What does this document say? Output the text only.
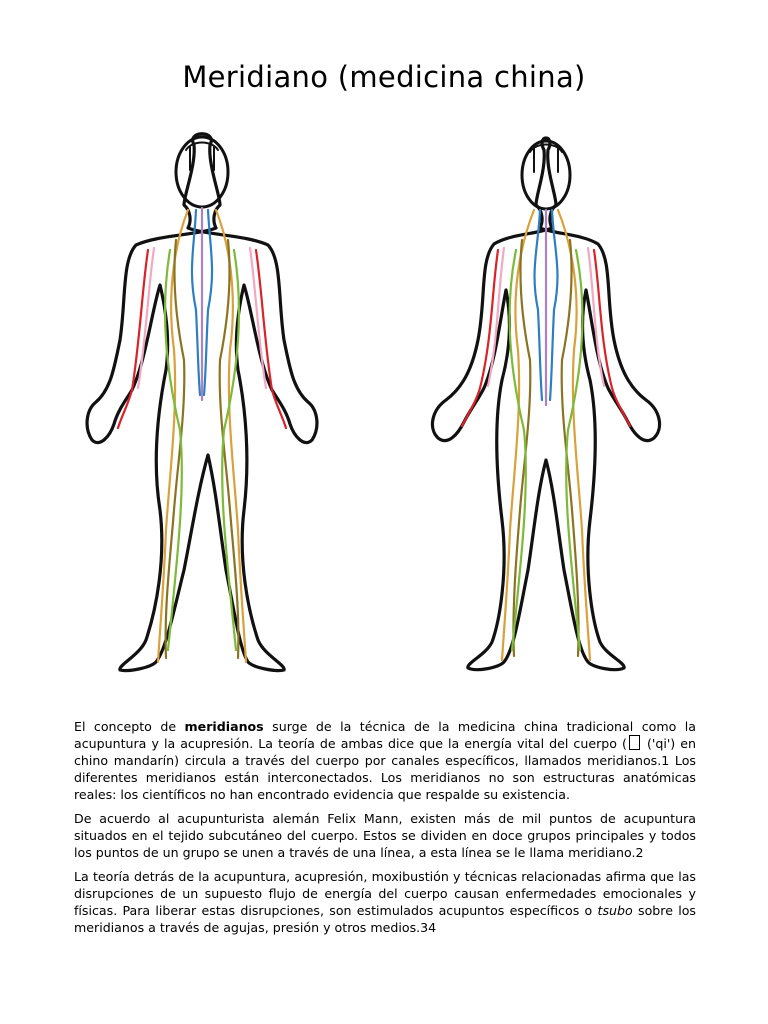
Meridiano (medicina china)

El concepto de meridianos surge de la técnica de la medicina china tradicional como la acupuntura y la acupresión. La teoría de ambas dice que la energía vital del cuerpo ( ('qi') en chino mandarín) circula a través del cuerpo por canales específicos, llamados meridianos.1 Los diferentes meridianos están interconectados. Los meridianos no son estructuras anatómicas reales: los científicos no han encontrado evidencia que respalde su existencia.

De acuerdo al acupunturista alemán Felix Mann, existen más de mil puntos de acupuntura situados en el tejido subcutáneo del cuerpo. Estos se dividen en doce grupos principales y todos los puntos de un grupo se unen a través de una línea, a esta línea se le llama meridiano.2

La teoría detrás de la acupuntura, acupresión, moxibustión y técnicas relacionadas afirma que las disrupciones de un supuesto flujo de energía del cuerpo causan enfermedades emocionales y físicas. Para liberar estas disrupciones, son estimulados acupuntos específicos o tsubo sobre los meridianos a través de agujas, presión y otros medios.34
